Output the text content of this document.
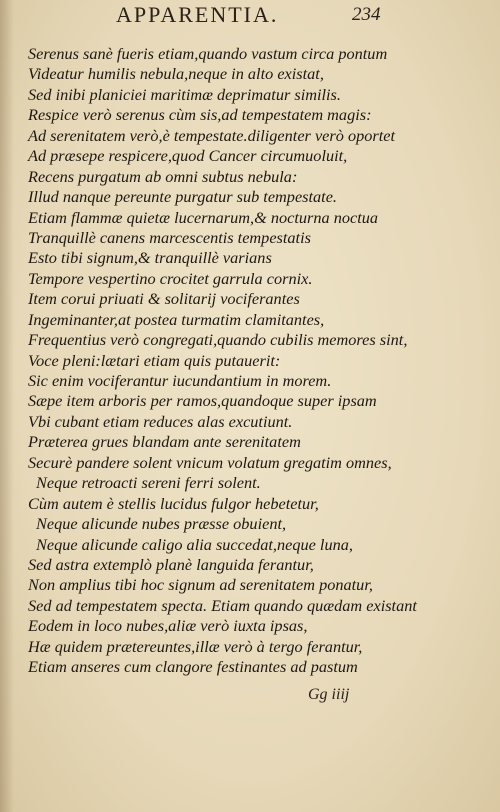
APPARENTIA.	234
Serenus sanè fueris etiam,quando vastum circa pontum
Videatur humilis nebula,neque in alto existat,
Sed inibi planiciei maritimæ deprimatur similis.
Respice verò serenus cùm sis,ad tempestatem magis:
Ad serenitatem verò,è tempestate.diligenter verò oportet
Ad præsepe respicere,quod Cancer circumuoluit,
Recens purgatum ab omni subtus nebula:
Illud nanque pereunte purgatur sub tempestate.
Etiam flammæ quietæ lucernarum,& nocturna noctua
Tranquillè canens marcescentis tempestatis
Esto tibi signum,& tranquillè varians
Tempore vespertino crocitet garrula cornix.
Item corui priuati & solitarij vociferantes
Ingeminanter,at postea turmatim clamitantes,
Frequentius verò congregati,quando cubilis memores sint,
Voce pleni:lætari etiam quis putauerit:
Sic enim vociferantur iucundantium in morem.
Sæpe item arboris per ramos,quandoque super ipsam
Vbi cubant etiam reduces alas excutiunt.
Præterea grues blandam ante serenitatem
Securè pandere solent vnicum volatum gregatim omnes,
Neque retroacti sereni ferri solent.
Cùm autem è stellis lucidus fulgor hebetetur,
Neque alicunde nubes præsse obuient,
Neque alicunde caligo alia succedat,neque luna,
Sed astra extemplò planè languida ferantur,
Non amplius tibi hoc signum ad serenitatem ponatur,
Sed ad tempestatem specta. Etiam quando quædam existant
Eodem in loco nubes,aliæ verò iuxta ipsas,
Hæ quidem prætereuntes,illæ verò à tergo ferantur,
Etiam anseres cum clangore festinantes ad pastum
Gg iiij
